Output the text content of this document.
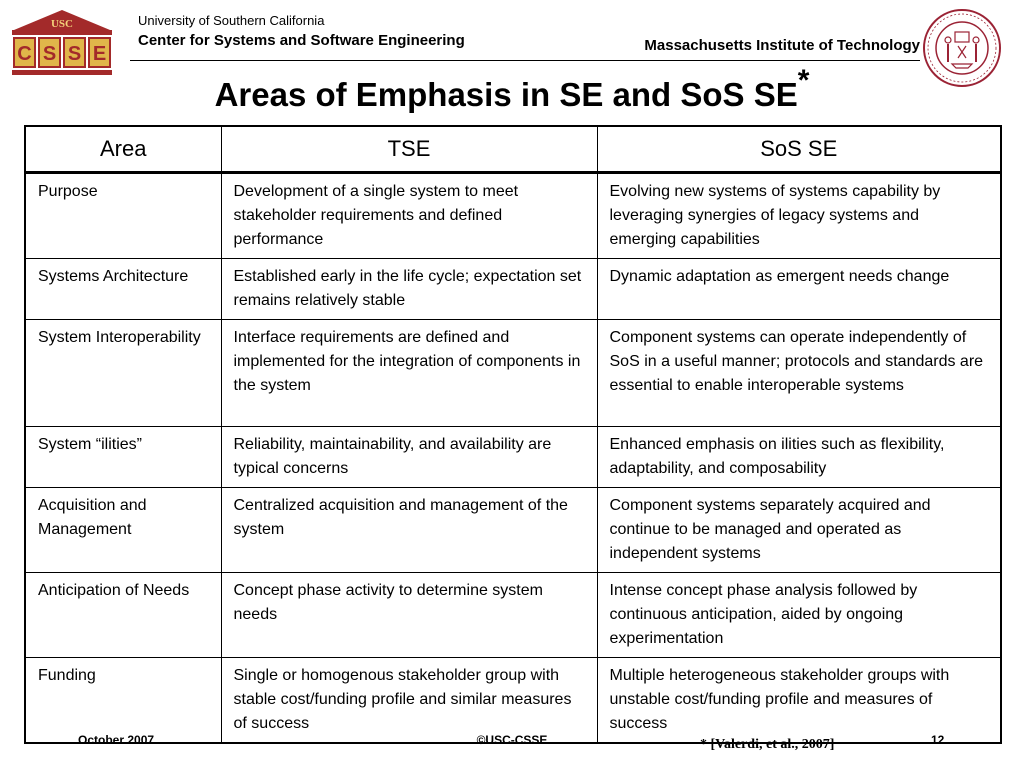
USC
C S S E
University of Southern California
Center for Systems and Software Engineering	Massachusetts Institute of Technology
Areas of Emphasis in SE and SoS SE*
Area	TSE	SoS SE
Purpose	Development of a single system to meet stakeholder requirements and defined performance	Evolving new systems of systems capability by leveraging synergies of legacy systems and emerging capabilities
Systems Architecture	Established early in the life cycle; expectation set remains relatively stable	Dynamic adaptation as emergent needs change
System Interoperability	Interface requirements are defined and implemented for the integration of components in the system	Component systems can operate independently of SoS in a useful manner; protocols and standards are essential to enable interoperable systems
System “ilities”	Reliability, maintainability, and availability are typical concerns	Enhanced emphasis on ilities such as flexibility, adaptability, and composability
Acquisition and Management	Centralized acquisition and management of the system	Component systems separately acquired and continue to be managed and operated as independent systems
Anticipation of Needs	Concept phase activity to determine system needs	Intense concept phase analysis followed by continuous anticipation, aided by ongoing experimentation
Funding	Single or homogenous stakeholder group with stable cost/funding profile and similar measures of success	Multiple heterogeneous stakeholder groups with unstable cost/funding profile and measures of success
October 2007	©USC-CSSE	* [Valerdi, et al., 2007]	12
